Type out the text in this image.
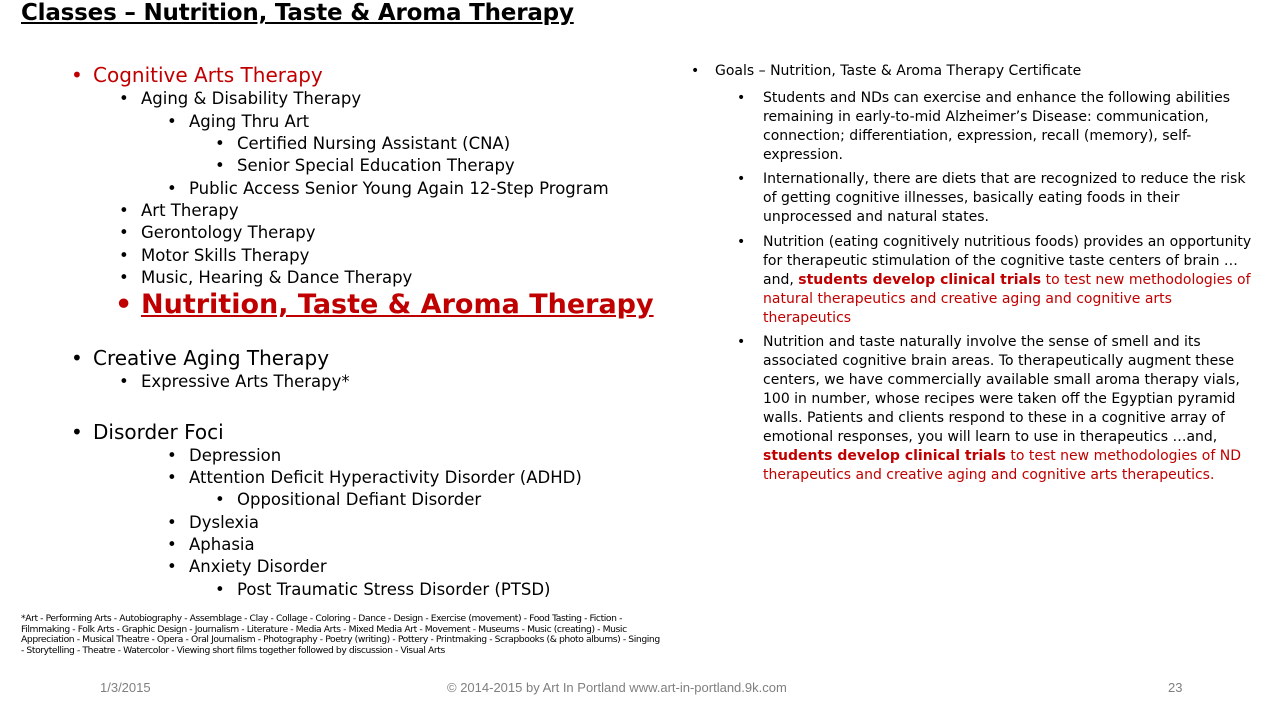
Classes – Nutrition, Taste & Aroma Therapy
• Cognitive Arts Therapy
• Aging & Disability Therapy
• Aging Thru Art
• Certified Nursing Assistant (CNA)
• Senior Special Education Therapy
• Public Access Senior Young Again 12-Step Program
• Art Therapy
• Gerontology Therapy
• Motor Skills Therapy
• Music, Hearing & Dance Therapy
• Nutrition, Taste & Aroma Therapy
• Creative Aging Therapy
• Expressive Arts Therapy*
• Disorder Foci
• Depression
• Attention Deficit Hyperactivity Disorder (ADHD)
• Oppositional Defiant Disorder
• Dyslexia
• Aphasia
• Anxiety Disorder
• Post Traumatic Stress Disorder (PTSD)
*Art - Performing Arts - Autobiography - Assemblage - Clay - Collage - Coloring - Dance - Design - Exercise (movement) - Food Tasting - Fiction - Filmmaking - Folk Arts - Graphic Design - Journalism - Literature - Media Arts - Mixed Media Art - Movement - Museums - Music (creating) - Music Appreciation - Musical Theatre - Opera - Oral Journalism - Photography - Poetry (writing) - Pottery - Printmaking - Scrapbooks (& photo albums) - Singing - Storytelling - Theatre - Watercolor - Viewing short films together followed by discussion - Visual Arts
• Goals – Nutrition, Taste & Aroma Therapy Certificate
• Students and NDs can exercise and enhance the following abilities remaining in early-to-mid Alzheimer’s Disease: communication, connection; differentiation, expression, recall (memory), self-expression.
• Internationally, there are diets that are recognized to reduce the risk of getting cognitive illnesses, basically eating foods in their unprocessed and natural states.
• Nutrition (eating cognitively nutritious foods) provides an opportunity for therapeutic stimulation of the cognitive taste centers of brain …and, students develop clinical trials to test new methodologies of natural therapeutics and creative aging and cognitive arts therapeutics
• Nutrition and taste naturally involve the sense of smell and its associated cognitive brain areas. To therapeutically augment these centers, we have commercially available small aroma therapy vials, 100 in number, whose recipes were taken off the Egyptian pyramid walls. Patients and clients respond to these in a cognitive array of emotional responses, you will learn to use in therapeutics …and, students develop clinical trials to test new methodologies of ND therapeutics and creative aging and cognitive arts therapeutics.
1/3/2015	© 2014-2015 by Art In Portland www.art-in-portland.9k.com	23
